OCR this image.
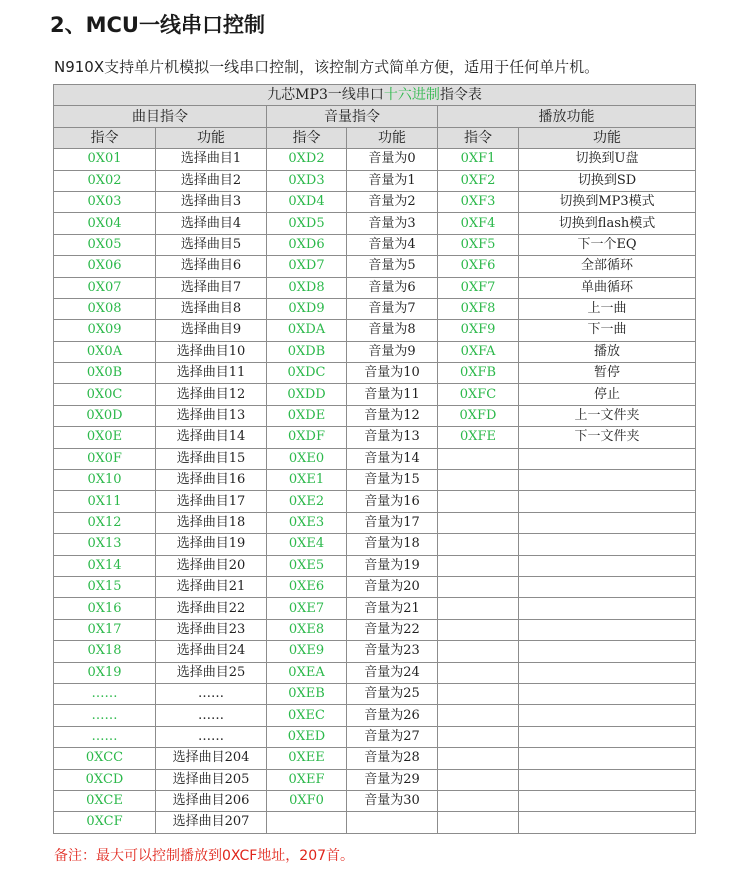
2、MCU一线串口控制

N910X支持单片机模拟一线串口控制，该控制方式简单方便，适用于任何单片机。

九芯MP3一线串口十六进制指令表					
曲目指令		音量指令		播放功能	
指令	功能	指令	功能	指令	功能
0X01	选择曲目1	0XD2	音量为0	0XF1	切换到U盘
0X02	选择曲目2	0XD3	音量为1	0XF2	切换到SD
0X03	选择曲目3	0XD4	音量为2	0XF3	切换到MP3模式
0X04	选择曲目4	0XD5	音量为3	0XF4	切换到flash模式
0X05	选择曲目5	0XD6	音量为4	0XF5	下一个EQ
0X06	选择曲目6	0XD7	音量为5	0XF6	全部循环
0X07	选择曲目7	0XD8	音量为6	0XF7	单曲循环
0X08	选择曲目8	0XD9	音量为7	0XF8	上一曲
0X09	选择曲目9	0XDA	音量为8	0XF9	下一曲
0X0A	选择曲目10	0XDB	音量为9	0XFA	播放
0X0B	选择曲目11	0XDC	音量为10	0XFB	暂停
0X0C	选择曲目12	0XDD	音量为11	0XFC	停止
0X0D	选择曲目13	0XDE	音量为12	0XFD	上一文件夹
0X0E	选择曲目14	0XDF	音量为13	0XFE	下一文件夹
0X0F	选择曲目15	0XE0	音量为14		
0X10	选择曲目16	0XE1	音量为15		
0X11	选择曲目17	0XE2	音量为16		
0X12	选择曲目18	0XE3	音量为17		
0X13	选择曲目19	0XE4	音量为18		
0X14	选择曲目20	0XE5	音量为19		
0X15	选择曲目21	0XE6	音量为20		
0X16	选择曲目22	0XE7	音量为21		
0X17	选择曲目23	0XE8	音量为22		
0X18	选择曲目24	0XE9	音量为23		
0X19	选择曲目25	0XEA	音量为24		
……	……	0XEB	音量为25		
……	……	0XEC	音量为26		
……	……	0XED	音量为27		
0XCC	选择曲目204	0XEE	音量为28		
0XCD	选择曲目205	0XEF	音量为29		
0XCE	选择曲目206	0XF0	音量为30		
0XCF	选择曲目207				

备注：最大可以控制播放到0XCF地址，207首。
